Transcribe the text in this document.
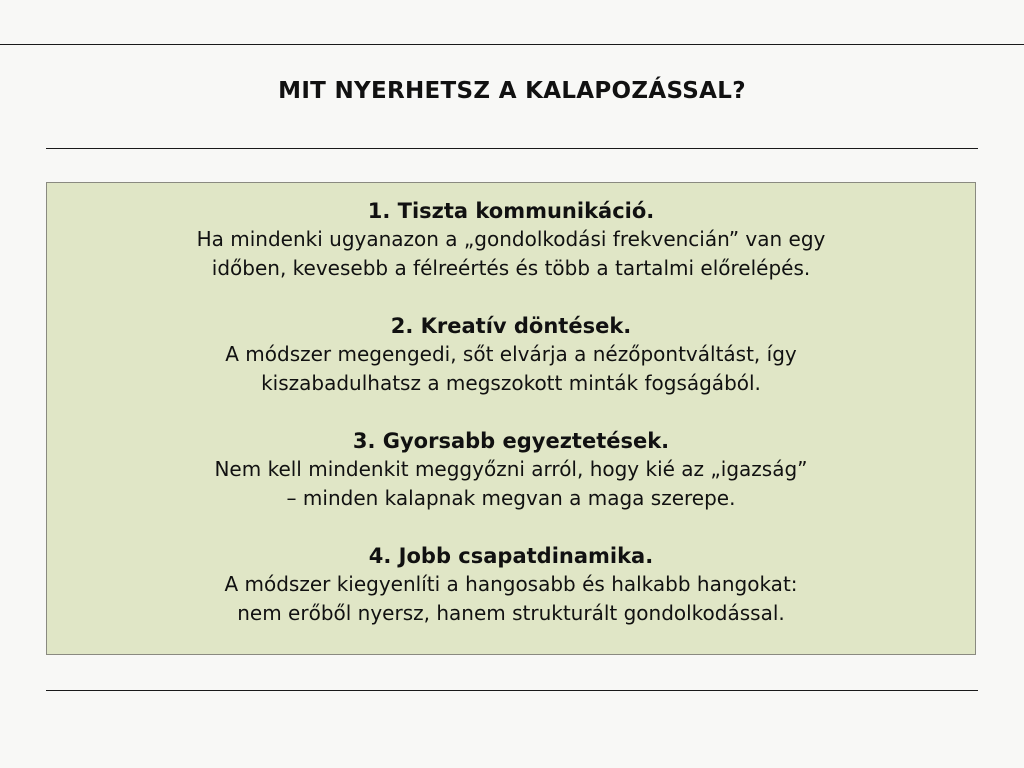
MIT NYERHETSZ A KALAPOZÁSSAL?

1. Tiszta kommunikáció.

Ha mindenki ugyanazon a „gondolkodási frekvencián” van egy

időben, kevesebb a félreértés és több a tartalmi előrelépés.

2. Kreatív döntések.

A módszer megengedi, sőt elvárja a nézőpontváltást, így

kiszabadulhatsz a megszokott minták fogságából.

3. Gyorsabb egyeztetések.

Nem kell mindenkit meggyőzni arról, hogy kié az „igazság”

– minden kalapnak megvan a maga szerepe.

4. Jobb csapatdinamika.

A módszer kiegyenlíti a hangosabb és halkabb hangokat:

nem erőből nyersz, hanem strukturált gondolkodással.
